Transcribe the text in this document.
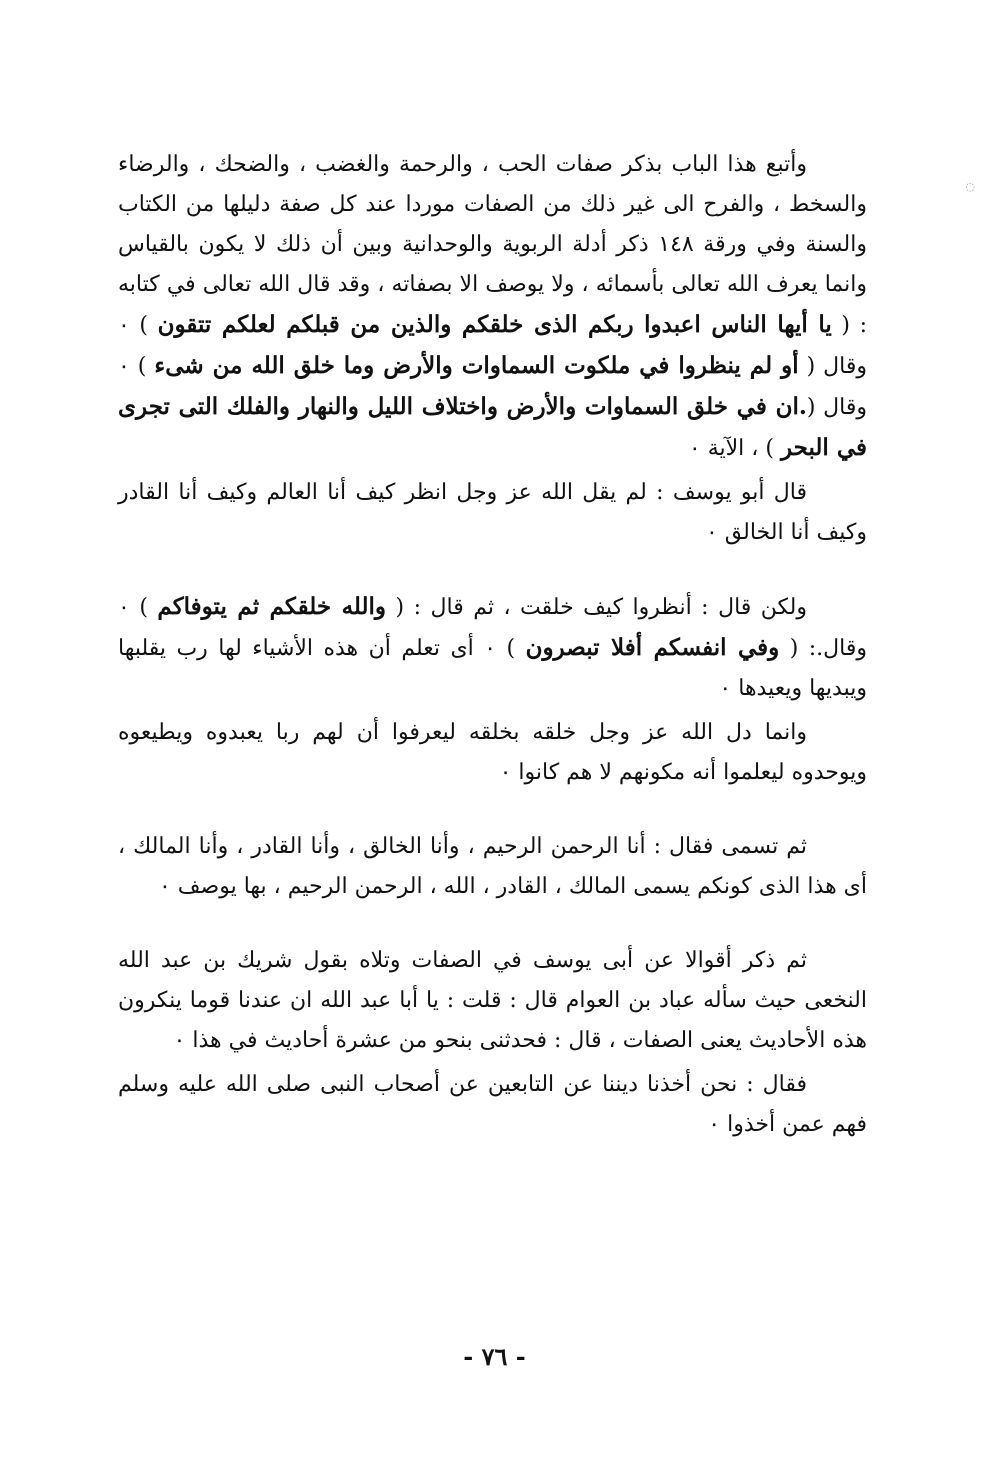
◌

وأتبع هذا الباب بذكر صفات الحب ، والرحمة والغضب ، والضحك ، والرضاء والسخط ، والفرح الى غير ذلك من الصفات موردا عند كل صفة دليلها من الكتاب والسنة وفي ورقة ١٤٨ ذكر أدلة الربوية والوحدانية وبين أن ذلك لا يكون بالقياس وانما يعرف الله تعالى بأسمائه ، ولا يوصف الا بصفاته ، وقد قال الله تعالى في كتابه : ( يا أيها الناس اعبدوا ربكم الذى خلقكم والذين من قبلكم لعلكم تتقون ) ٠ وقال ( أو لم ينظروا في ملكوت السماوات والأرض وما خلق الله من شىء ) ٠ وقال (.ان في خلق السماوات والأرض واختلاف الليل والنهار والفلك التى تجرى في البحر ) ، الآية ٠

قال أبو يوسف : لم يقل الله عز وجل انظر كيف أنا العالم وكيف أنا القادر وكيف أنا الخالق ٠

ولكن قال : أنظروا كيف خلقت ، ثم قال : ( والله خلقكم ثم يتوفاكم ) ٠ وقال.: ( وفي انفسكم أفلا تبصرون ) ٠ أى تعلم أن هذه الأشياء لها رب يقلبها ويبديها ويعيدها ٠

وانما دل الله عز وجل خلقه بخلقه ليعرفوا أن لهم ربا يعبدوه ويطيعوه ويوحدوه ليعلموا أنه مكونهم لا هم كانوا ٠

ثم تسمى فقال : أنا الرحمن الرحيم ، وأنا الخالق ، وأنا القادر ، وأنا المالك ، أى هذا الذى كونكم يسمى المالك ، القادر ، الله ، الرحمن الرحيم ، بها يوصف ٠

ثم ذكر أقوالا عن أبى يوسف في الصفات وتلاه بقول شريك بن عبد الله النخعى حيث سأله عباد بن العوام قال : قلت : يا أبا عبد الله ان عندنا قوما ينكرون هذه الأحاديث يعنى الصفات ، قال : فحدثنى بنحو من عشرة أحاديث في هذا ٠

فقال : نحن أخذنا ديننا عن التابعين عن أصحاب النبى صلى الله عليه وسلم فهم عمن أخذوا ٠

- ٧٦ -
